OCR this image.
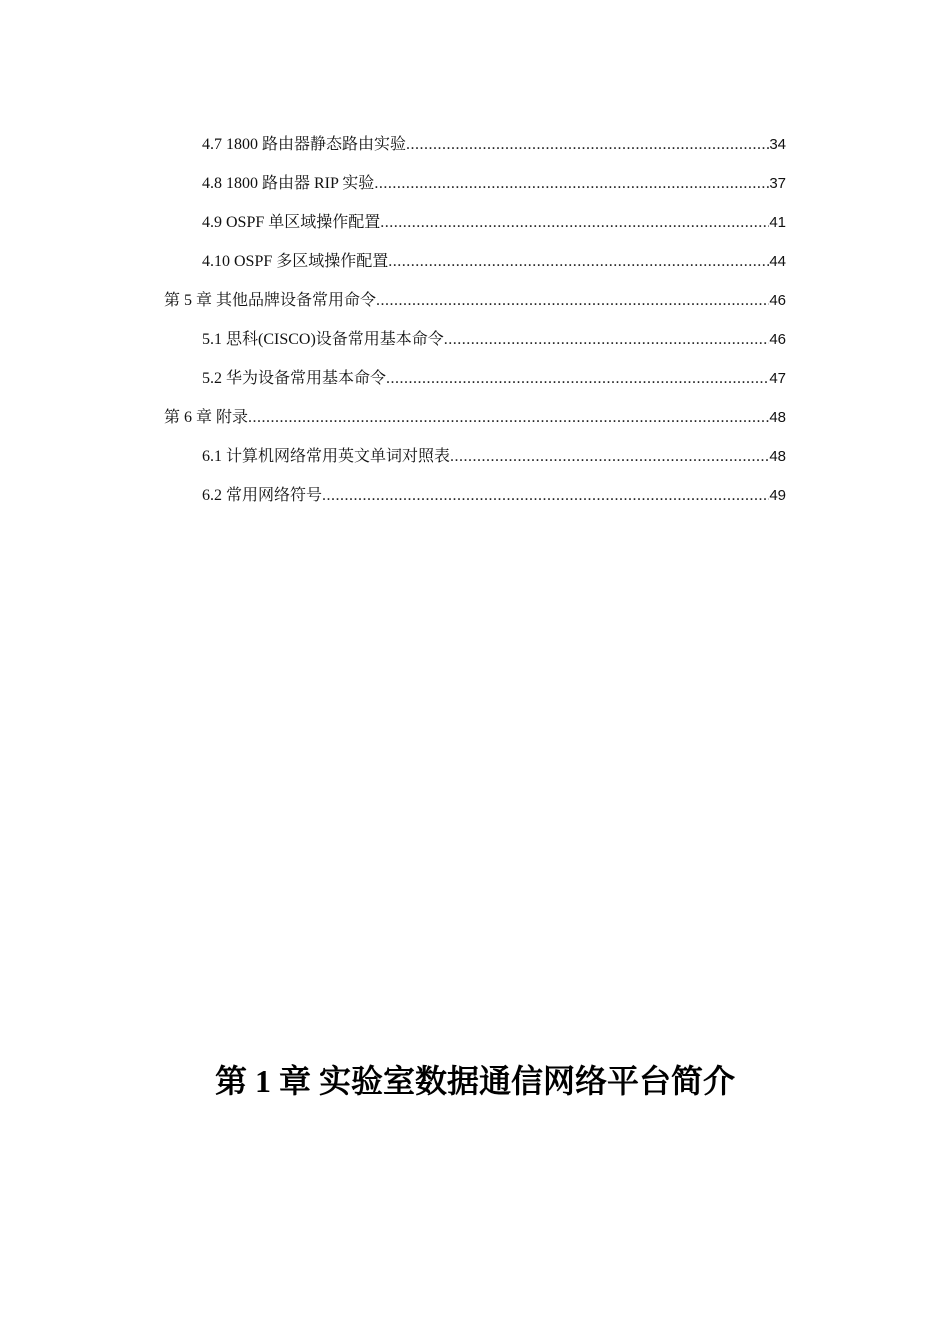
4.7 1800 路由器静态路由实验 .....	34
4.8 1800 路由器 RIP 实验 .....	37
4.9 OSPF 单区域操作配置 .....	41
4.10 OSPF 多区域操作配置 .....	44
第 5 章 其他品牌设备常用命令 .....	46
5.1 思科(CISCO)设备常用基本命令 .....	46
5.2 华为设备常用基本命令 .....	47
第 6 章 附录 .....	48
6.1 计算机网络常用英文单词对照表 .....	48
6.2 常用网络符号 .....	49
第 1 章 实验室数据通信网络平台简介
